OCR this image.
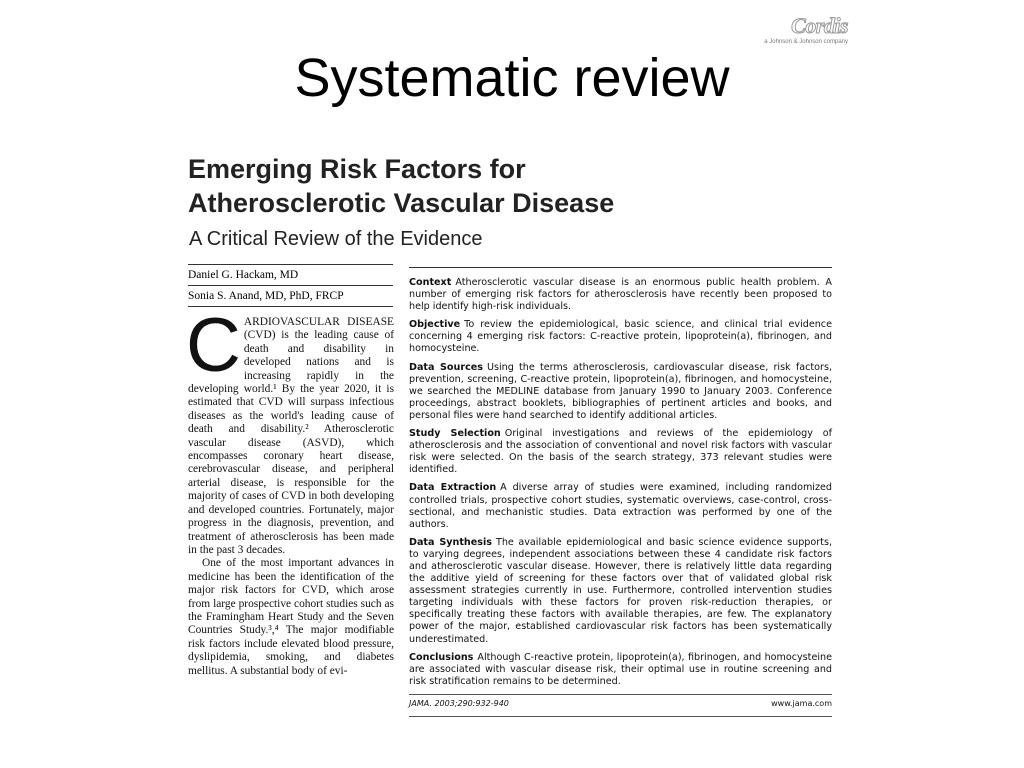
Systematic review
Cordis
a Johnson & Johnson company
Emerging Risk Factors for
Atherosclerotic Vascular Disease
A Critical Review of the Evidence
Daniel G. Hackam, MD
Sonia S. Anand, MD, PhD, FRCP
C ARDIOVASCULAR DISEASE (CVD) is the leading cause of death and disability in developed nations and is increasing rapidly in the developing world.¹ By the year 2020, it is estimated that CVD will surpass infectious diseases as the world's leading cause of death and disability.² Atherosclerotic vascular disease (ASVD), which encompasses coronary heart disease, cerebrovascular disease, and peripheral arterial disease, is responsible for the majority of cases of CVD in both developing and developed countries. Fortunately, major progress in the diagnosis, prevention, and treatment of atherosclerosis has been made in the past 3 decades.

One of the most important advances in medicine has been the identification of the major risk factors for CVD, which arose from large prospective cohort studies such as the Framingham Heart Study and the Seven Countries Study.³,⁴ The major modifiable risk factors include elevated blood pressure, dyslipidemia, smoking, and diabetes mellitus. A substantial body of evi-

Context Atherosclerotic vascular disease is an enormous public health problem. A number of emerging risk factors for atherosclerosis have recently been proposed to help identify high-risk individuals.
Objective To review the epidemiological, basic science, and clinical trial evidence concerning 4 emerging risk factors: C-reactive protein, lipoprotein(a), fibrinogen, and homocysteine.
Data Sources Using the terms atherosclerosis, cardiovascular disease, risk factors, prevention, screening, C-reactive protein, lipoprotein(a), fibrinogen, and homocysteine, we searched the MEDLINE database from January 1990 to January 2003. Conference proceedings, abstract booklets, bibliographies of pertinent articles and books, and personal files were hand searched to identify additional articles.
Study Selection Original investigations and reviews of the epidemiology of atherosclerosis and the association of conventional and novel risk factors with vascular risk were selected. On the basis of the search strategy, 373 relevant studies were identified.
Data Extraction A diverse array of studies were examined, including randomized controlled trials, prospective cohort studies, systematic overviews, case-control, cross-sectional, and mechanistic studies. Data extraction was performed by one of the authors.
Data Synthesis The available epidemiological and basic science evidence supports, to varying degrees, independent associations between these 4 candidate risk factors and atherosclerotic vascular disease. However, there is relatively little data regarding the additive yield of screening for these factors over that of validated global risk assessment strategies currently in use. Furthermore, controlled intervention studies targeting individuals with these factors for proven risk-reduction therapies, or specifically treating these factors with available therapies, are few. The explanatory power of the major, established cardiovascular risk factors has been systematically underestimated.
Conclusions Although C-reactive protein, lipoprotein(a), fibrinogen, and homocysteine are associated with vascular disease risk, their optimal use in routine screening and risk stratification remains to be determined.
JAMA. 2003;290:932-940	www.jama.com
